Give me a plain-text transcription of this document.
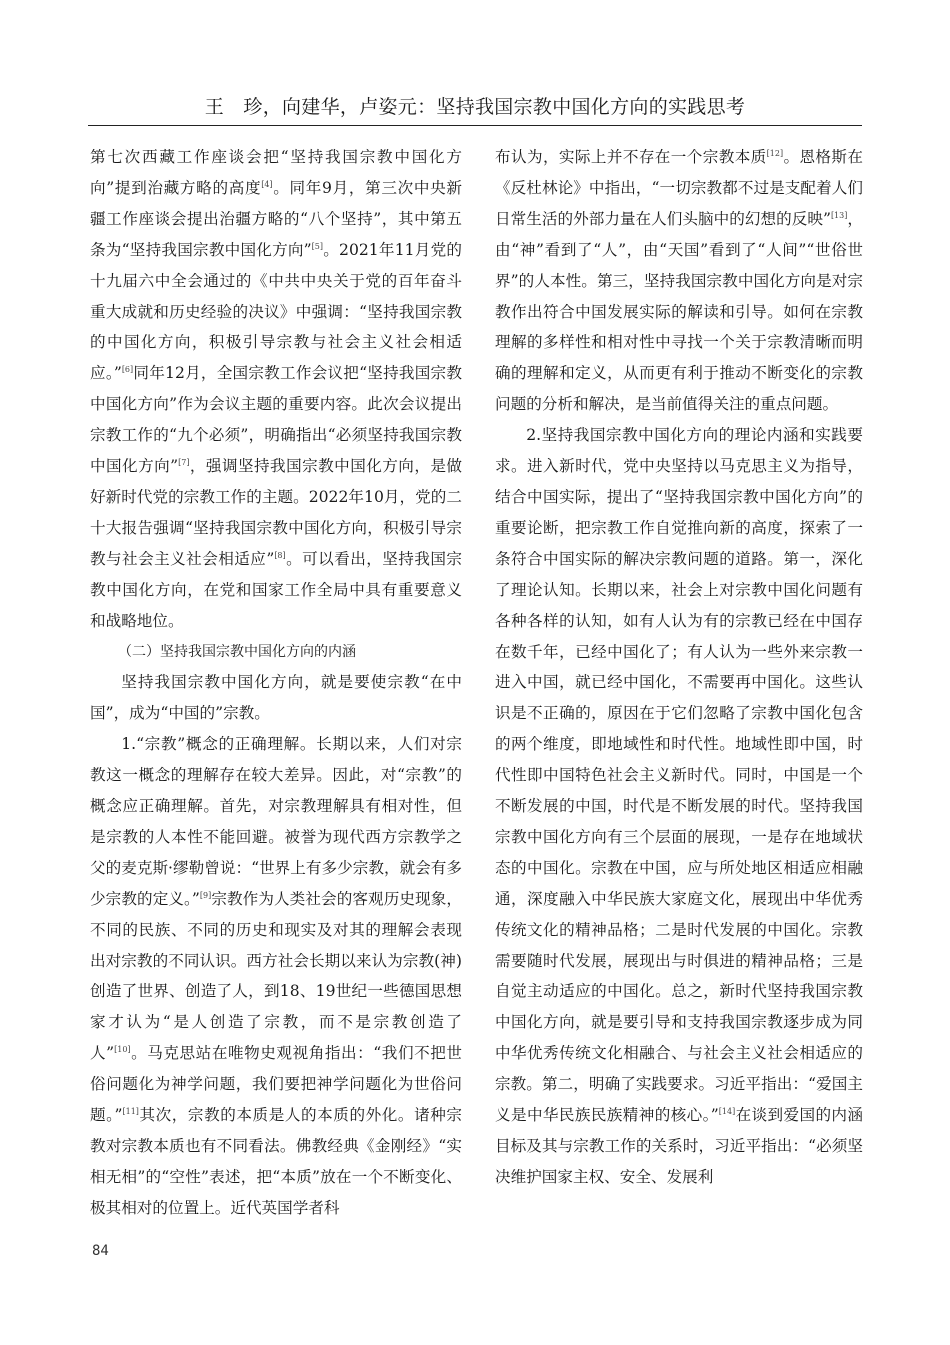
王　珍，向建华，卢姿元：坚持我国宗教中国化方向的实践思考

第七次西藏工作座谈会把“坚持我国宗教中国化方向”提到治藏方略的高度[4]。同年9月，第三次中央新疆工作座谈会提出治疆方略的“八个坚持”，其中第五条为“坚持我国宗教中国化方向”[5]。2021年11月党的十九届六中全会通过的《中共中央关于党的百年奋斗重大成就和历史经验的决议》中强调：“坚持我国宗教的中国化方向，积极引导宗教与社会主义社会相适应。”[6]同年12月，全国宗教工作会议把“坚持我国宗教中国化方向”作为会议主题的重要内容。此次会议提出宗教工作的“九个必须”，明确指出“必须坚持我国宗教中国化方向”[7]，强调坚持我国宗教中国化方向，是做好新时代党的宗教工作的主题。2022年10月，党的二十大报告强调“坚持我国宗教中国化方向，积极引导宗教与社会主义社会相适应”[8]。可以看出，坚持我国宗教中国化方向，在党和国家工作全局中具有重要意义和战略地位。

（二）坚持我国宗教中国化方向的内涵

坚持我国宗教中国化方向，就是要使宗教“在中国”，成为“中国的”宗教。

1.“宗教”概念的正确理解。长期以来，人们对宗教这一概念的理解存在较大差异。因此，对“宗教”的概念应正确理解。首先，对宗教理解具有相对性，但是宗教的人本性不能回避。被誉为现代西方宗教学之父的麦克斯·缪勒曾说：“世界上有多少宗教，就会有多少宗教的定义。”[9]宗教作为人类社会的客观历史现象，不同的民族、不同的历史和现实及对其的理解会表现出对宗教的不同认识。西方社会长期以来认为宗教(神)创造了世界、创造了人，到18、19世纪一些德国思想家才认为“是人创造了宗教，而不是宗教创造了人”[10]。马克思站在唯物史观视角指出：“我们不把世俗问题化为神学问题，我们要把神学问题化为世俗问题。”[11]其次，宗教的本质是人的本质的外化。诸种宗教对宗教本质也有不同看法。佛教经典《金刚经》“实相无相”的“空性”表述，把“本质”放在一个不断变化、极其相对的位置上。近代英国学者科

布认为，实际上并不存在一个宗教本质[12]。恩格斯在《反杜林论》中指出，“一切宗教都不过是支配着人们日常生活的外部力量在人们头脑中的幻想的反映”[13]，由“神”看到了“人”，由“天国”看到了“人间”“世俗世界”的人本性。第三，坚持我国宗教中国化方向是对宗教作出符合中国发展实际的解读和引导。如何在宗教理解的多样性和相对性中寻找一个关于宗教清晰而明确的理解和定义，从而更有利于推动不断变化的宗教问题的分析和解决，是当前值得关注的重点问题。

2.坚持我国宗教中国化方向的理论内涵和实践要求。进入新时代，党中央坚持以马克思主义为指导，结合中国实际，提出了“坚持我国宗教中国化方向”的重要论断，把宗教工作自觉推向新的高度，探索了一条符合中国实际的解决宗教问题的道路。第一，深化了理论认知。长期以来，社会上对宗教中国化问题有各种各样的认知，如有人认为有的宗教已经在中国存在数千年，已经中国化了；有人认为一些外来宗教一进入中国，就已经中国化，不需要再中国化。这些认识是不正确的，原因在于它们忽略了宗教中国化包含的两个维度，即地域性和时代性。地域性即中国，时代性即中国特色社会主义新时代。同时，中国是一个不断发展的中国，时代是不断发展的时代。坚持我国宗教中国化方向有三个层面的展现，一是存在地域状态的中国化。宗教在中国，应与所处地区相适应相融通，深度融入中华民族大家庭文化，展现出中华优秀传统文化的精神品格；二是时代发展的中国化。宗教需要随时代发展，展现出与时俱进的精神品格；三是自觉主动适应的中国化。总之，新时代坚持我国宗教中国化方向，就是要引导和支持我国宗教逐步成为同中华优秀传统文化相融合、与社会主义社会相适应的宗教。第二，明确了实践要求。习近平指出：“爱国主义是中华民族民族精神的核心。”[14]在谈到爱国的内涵目标及其与宗教工作的关系时，习近平指出：“必须坚决维护国家主权、安全、发展利

84
